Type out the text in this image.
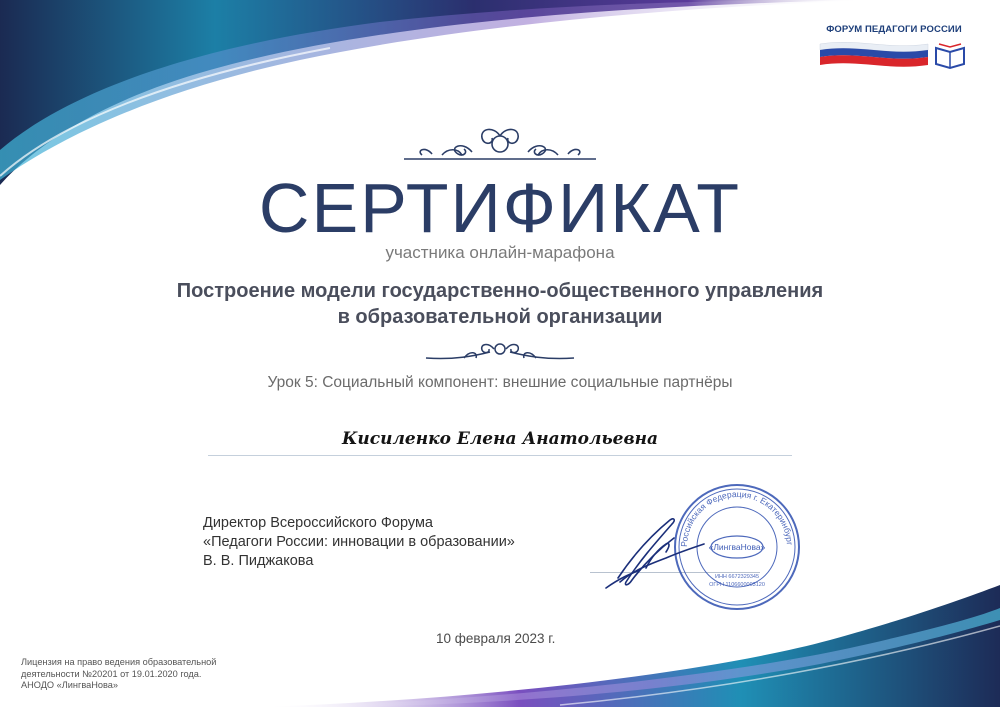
ФОРУМ ПЕДАГОГИ РОССИИ
СЕРТИФИКАТ
участника онлайн-марафона
Построение модели государственно-общественного управления
в образовательной организации
Урок 5: Социальный компонент: внешние социальные партнёры
Кисиленко Елена Анатольевна
Директор Всероссийского Форума
«Педагоги России: инновации в образовании»
В. В. Пиджакова
Российская Федерация г. Екатеринбург
«ЛингваНова»
ИНН 6672329345
ОГРН 1106600003120
10 февраля 2023 г.
Лицензия на право ведения образовательной
деятельности №20201 от 19.01.2020 года.
АНОДО «ЛингваНова»
